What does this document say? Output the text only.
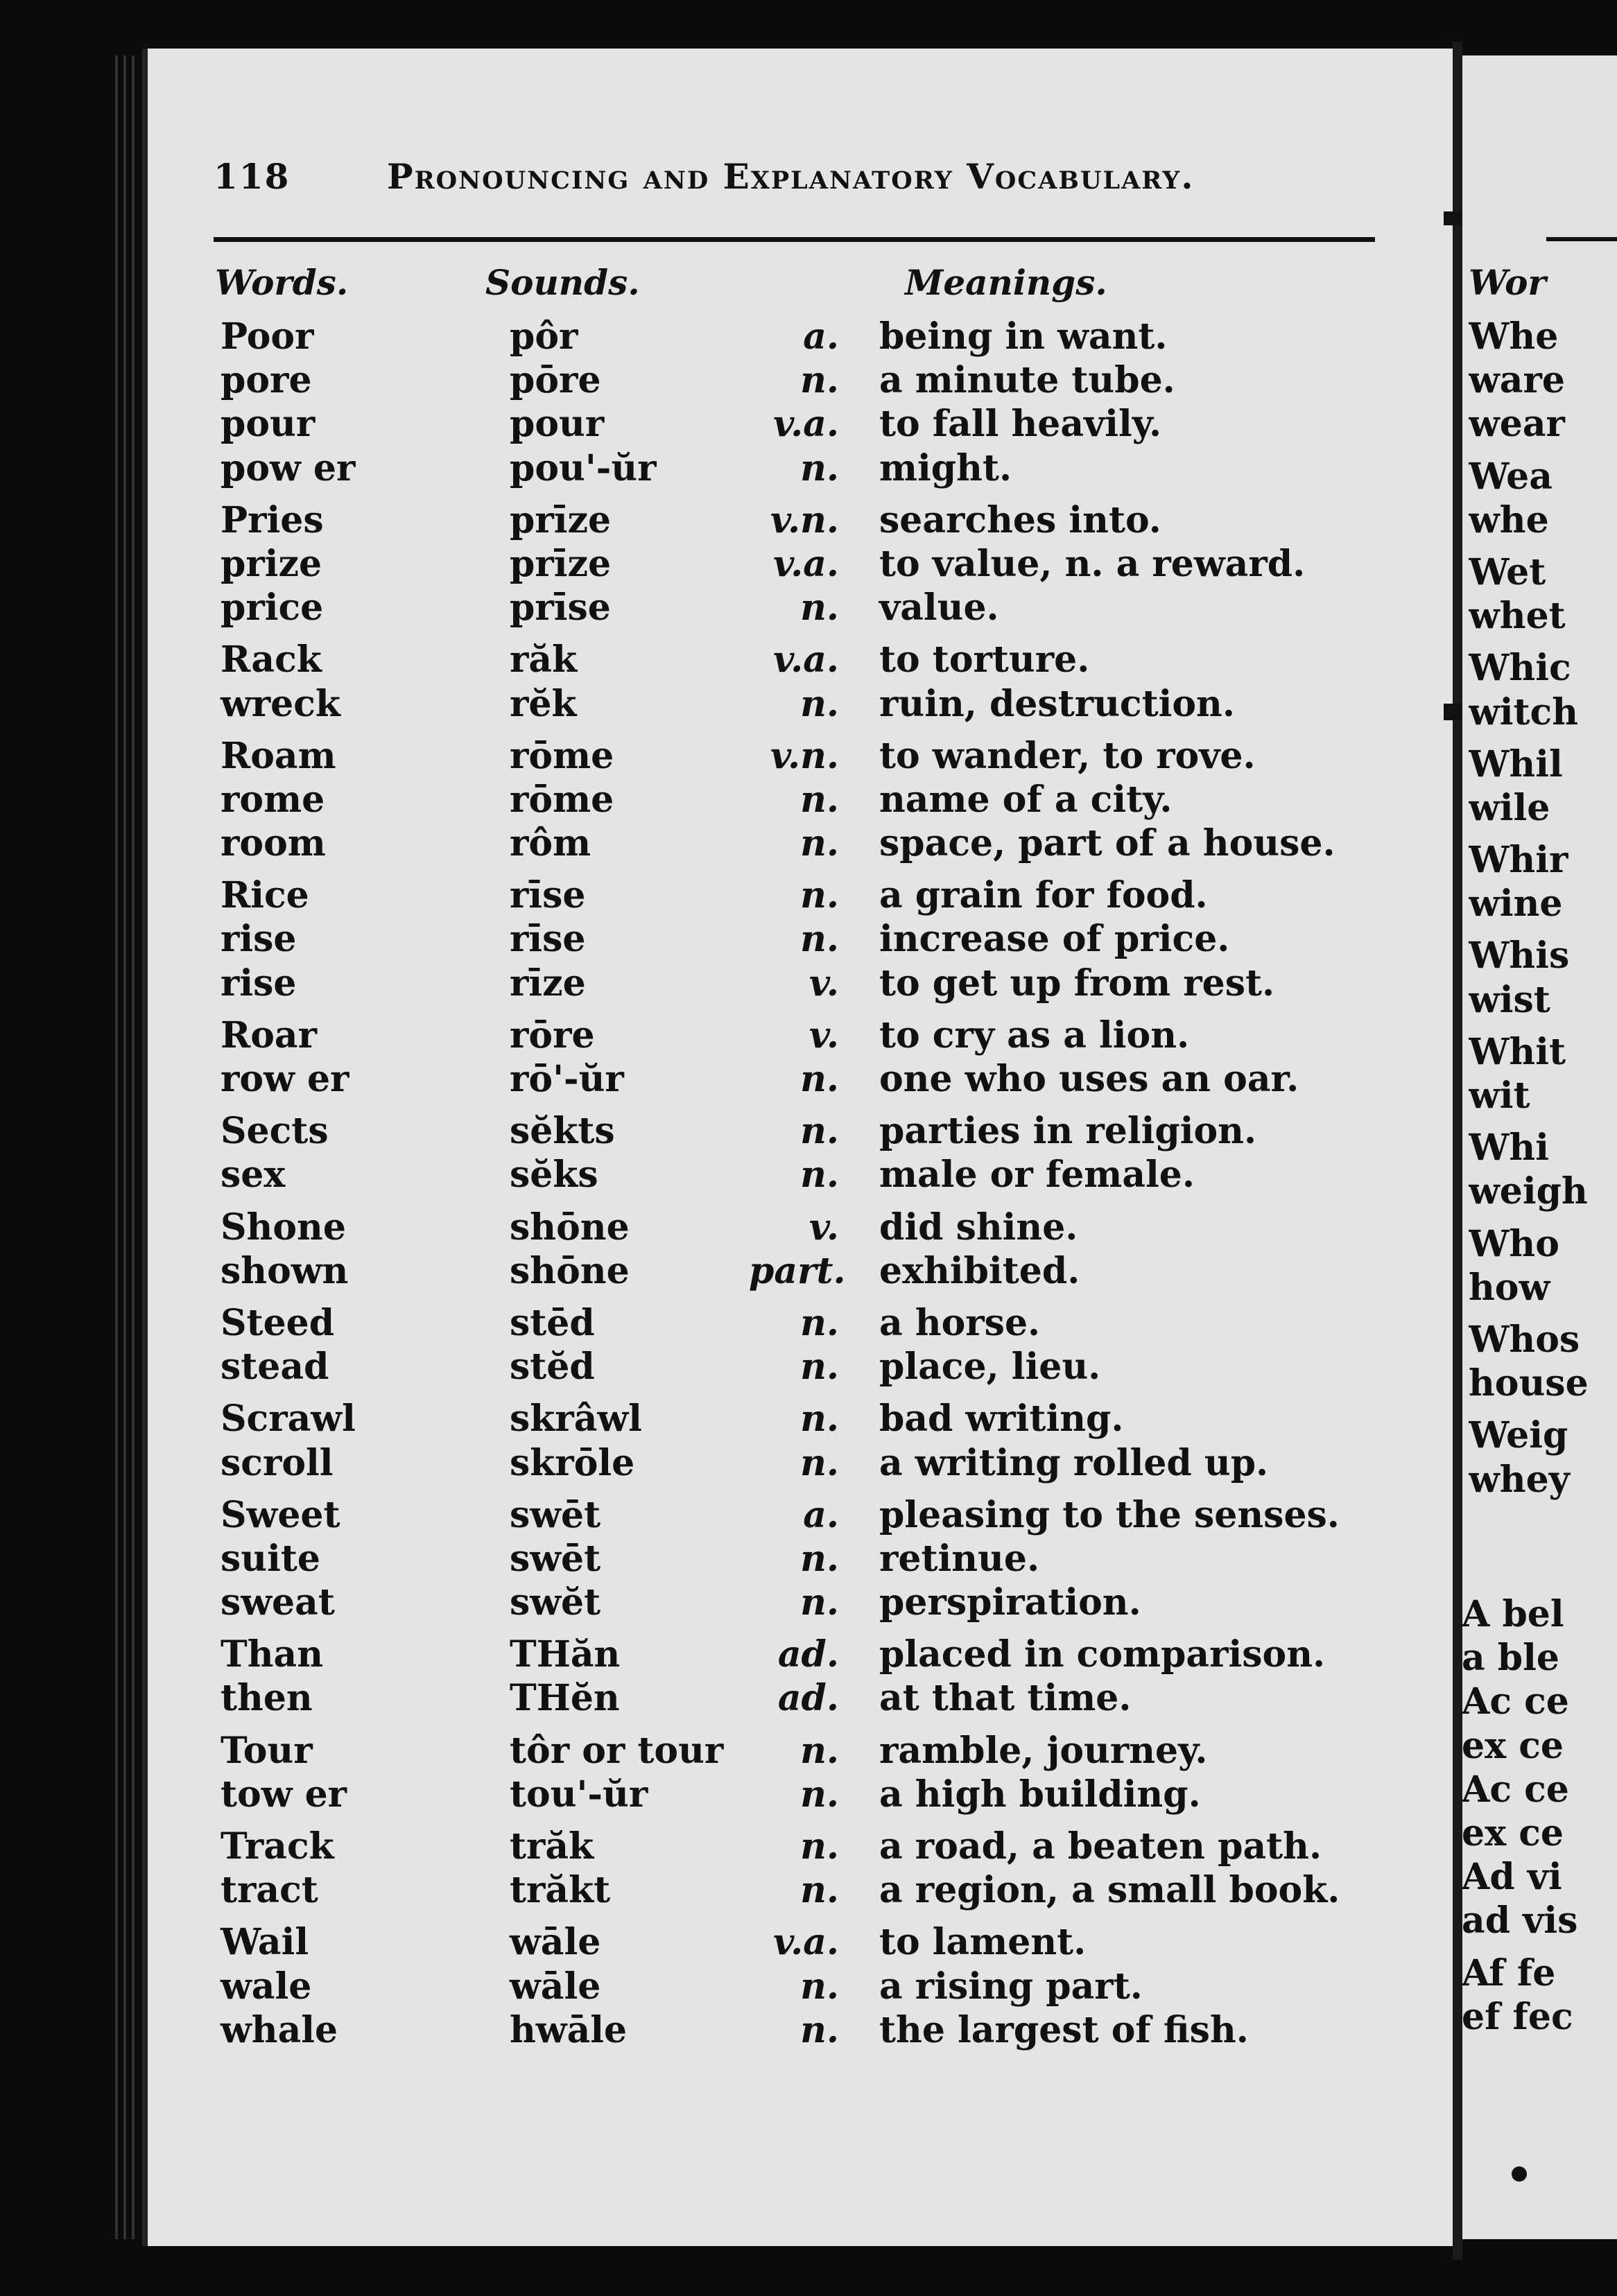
118	Pronouncing and Explanatory Vocabulary.
Words.	Sounds.	Meanings.
Poor	pôr	a. being in want.
pore	pōre	n. a minute tube.
pour	pour	v.a. to fall heavily.
pow er	pou'-ŭr	n. might.
Pries	prīze	v.n. searches into.
prize	prīze	v.a. to value, n. a reward.
price	prīse	n. value.
Rack	răk	v.a. to torture.
wreck	rĕk	n. ruin, destruction.
Roam	rōme	v.n. to wander, to rove.
rome	rōme	n. name of a city.
room	rôm	n. space, part of a house.
Rice	rīse	n. a grain for food.
rise	rīse	n. increase of price.
rise	rīze	v. to get up from rest.
Roar	rōre	v. to cry as a lion.
row er	rō'-ŭr	n. one who uses an oar.
Sects	sĕkts	n. parties in religion.
sex	sĕks	n. male or female.
Shone	shōne	v. did shine.
shown	shōne	part. exhibited.
Steed	stēd	n. a horse.
stead	stĕd	n. place, lieu.
Scrawl	skrâwl	n. bad writing.
scroll	skrōle	n. a writing rolled up.
Sweet	swēt	a. pleasing to the senses.
suite	swēt	n. retinue.
sweat	swĕt	n. perspiration.
Than	THăn	ad. placed in comparison.
then	THĕn	ad. at that time.
Tour	tôr or tour	n. ramble, journey.
tow er	tou'-ŭr	n. a high building.
Track	trăk	n. a road, a beaten path.
tract	trăkt	n. a region, a small book.
Wail	wāle	v.a. to lament.
wale	wāle	n. a rising part.
whale	hwāle	n. the largest of fish.
Wor
Whe
ware
wear
Wea
whe
Wet
whet
Whic
witch
Whil
wile
Whir
wine
Whis
wist
Whit
wit
Whi
weigh
Who
how
Whos
house
Weig
whey
A bel
a ble
Ac ce
ex ce
Ac ce
ex ce
Ad vi
ad vis
Af fe
ef fec
